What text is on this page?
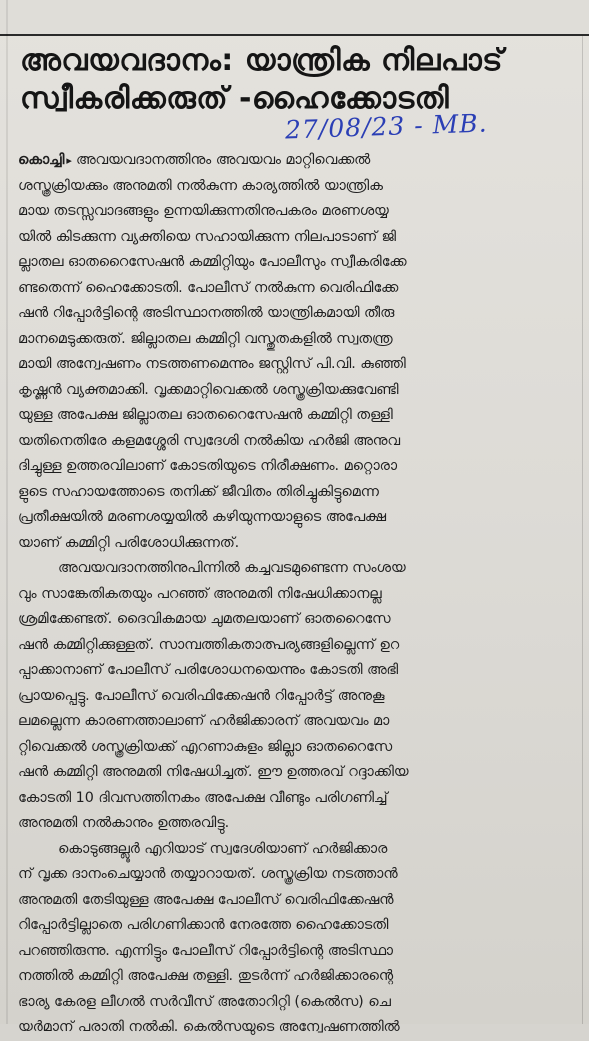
അവയവദാനം: യാന്ത്രിക നിലപാട്
സ്വീകരിക്കരുത് -ഹൈക്കോടതി
27/08/23 - MB.
കൊച്ചി ▸ അവയവദാനത്തിനും അവയവം മാറ്റിവെക്കൽ
ശസ്ത്രക്രിയക്കും അനുമതി നൽകുന്ന കാര്യത്തിൽ യാന്ത്രിക
മായ തടസ്സവാദങ്ങളും ഉന്നയിക്കുന്നതിനുപകരം മരണശയ്യ
യിൽ കിടക്കുന്ന വ്യക്തിയെ സഹായിക്കുന്ന നിലപാടാണ് ജി
ല്ലാതല ഓതറൈസേഷൻ കമ്മിറ്റിയും പോലീസും സ്വീകരിക്കേ
ണ്ടതെന്ന് ഹൈക്കോടതി. പോലീസ് നൽകുന്ന വെരിഫിക്കേ
ഷൻ റിപ്പോർട്ടിന്റെ അടിസ്ഥാനത്തിൽ യാന്ത്രികമായി തീരു
മാനമെടുക്കരുത്. ജില്ലാതല കമ്മിറ്റി വസ്തുതകളിൽ സ്വതന്ത്ര
മായി അന്വേഷണം നടത്തണമെന്നും ജസ്റ്റിസ് പി.വി. കുഞ്ഞി
കൃഷ്ണൻ വ്യക്തമാക്കി. വൃക്കമാറ്റിവെക്കൽ ശസ്ത്രക്രിയക്കുവേണ്ടി
യുള്ള അപേക്ഷ ജില്ലാതല ഓതറൈസേഷൻ കമ്മിറ്റി തള്ളി
യതിനെതിരേ കളമശ്ശേരി സ്വദേശി നൽകിയ ഹർജി അനുവ
ദിച്ചുള്ള ഉത്തരവിലാണ് കോടതിയുടെ നിരീക്ഷണം. മറ്റൊരാ
ളുടെ സഹായത്തോടെ തനിക്ക് ജീവിതം തിരിച്ചുകിട്ടുമെന്ന
പ്രതീക്ഷയിൽ മരണശയ്യയിൽ കഴിയുന്നയാളുടെ അപേക്ഷ
യാണ് കമ്മിറ്റി പരിശോധിക്കുന്നത്.
അവയവദാനത്തിനുപിന്നിൽ കച്ചവടമുണ്ടെന്ന സംശയ
വും സാങ്കേതികതയും പറഞ്ഞ് അനുമതി നിഷേധിക്കാനല്ല
ശ്രമിക്കേണ്ടത്. ദൈവികമായ ചുമതലയാണ് ഓതറൈസേ
ഷൻ കമ്മിറ്റിക്കുള്ളത്. സാമ്പത്തികതാത്പര്യങ്ങളില്ലെന്ന് ഉറ
പ്പാക്കാനാണ് പോലീസ് പരിശോധനയെന്നും കോടതി അഭി
പ്രായപ്പെട്ടു. പോലീസ് വെരിഫിക്കേഷൻ റിപ്പോർട്ട് അനുകൂ
ലമല്ലെന്ന കാരണത്താലാണ് ഹർജിക്കാരന് അവയവം മാ
റ്റിവെക്കൽ ശസ്ത്രക്രിയക്ക് എറണാകുളം ജില്ലാ ഓതറൈസേ
ഷൻ കമ്മിറ്റി അനുമതി നിഷേധിച്ചത്. ഈ ഉത്തരവ് റദ്ദാക്കിയ
കോടതി 10 ദിവസത്തിനകം അപേക്ഷ വീണ്ടും പരിഗണിച്ച്
അനുമതി നൽകാനും ഉത്തരവിട്ടു.
കൊടുങ്ങല്ലൂർ എറിയാട് സ്വദേശിയാണ് ഹർജിക്കാര
ന് വൃക്ക ദാനംചെയ്യാൻ തയ്യാറായത്. ശസ്ത്രക്രിയ നടത്താൻ
അനുമതി തേടിയുള്ള അപേക്ഷ പോലീസ് വെരിഫിക്കേഷൻ
റിപ്പോർട്ടില്ലാതെ പരിഗണിക്കാൻ നേരത്തേ ഹൈക്കോടതി
പറഞ്ഞിരുന്നു. എന്നിട്ടും പോലീസ് റിപ്പോർട്ടിന്റെ അടിസ്ഥാ
നത്തിൽ കമ്മിറ്റി അപേക്ഷ തള്ളി. തുടർന്ന് ഹർജിക്കാരന്റെ
ഭാര്യ കേരള ലീഗൽ സർവീസ് അതോറിറ്റി (കെൽസ) ചെ
യർമാന് പരാതി നൽകി. കെൽസയുടെ അന്വേഷണത്തിൽ
